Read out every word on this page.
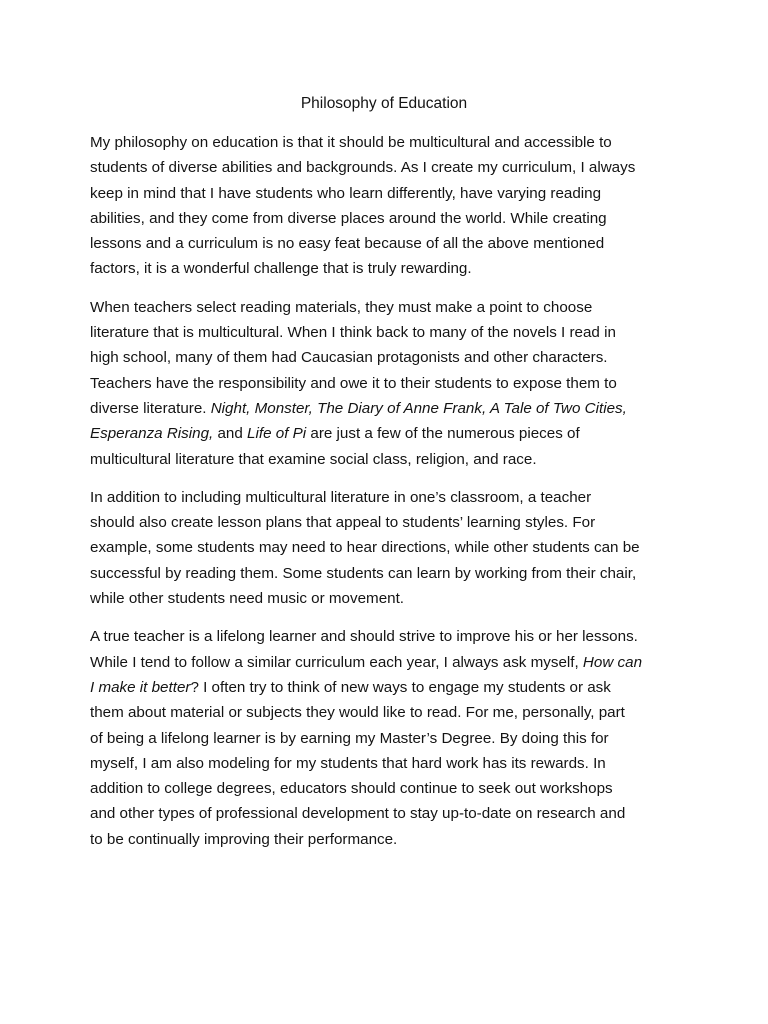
Philosophy of Education

My philosophy on education is that it should be multicultural and accessible to
students of diverse abilities and backgrounds. As I create my curriculum, I always
keep in mind that I have students who learn differently, have varying reading
abilities, and they come from diverse places around the world. While creating
lessons and a curriculum is no easy feat because of all the above mentioned
factors, it is a wonderful challenge that is truly rewarding.

When teachers select reading materials, they must make a point to choose
literature that is multicultural. When I think back to many of the novels I read in
high school, many of them had Caucasian protagonists and other characters.
Teachers have the responsibility and owe it to their students to expose them to
diverse literature. Night, Monster, The Diary of Anne Frank, A Tale of Two Cities,
Esperanza Rising, and Life of Pi are just a few of the numerous pieces of
multicultural literature that examine social class, religion, and race.

In addition to including multicultural literature in one’s classroom, a teacher
should also create lesson plans that appeal to students’ learning styles. For
example, some students may need to hear directions, while other students can be
successful by reading them. Some students can learn by working from their chair,
while other students need music or movement.

A true teacher is a lifelong learner and should strive to improve his or her lessons.
While I tend to follow a similar curriculum each year, I always ask myself, How can
I make it better? I often try to think of new ways to engage my students or ask
them about material or subjects they would like to read. For me, personally, part
of being a lifelong learner is by earning my Master’s Degree. By doing this for
myself, I am also modeling for my students that hard work has its rewards. In
addition to college degrees, educators should continue to seek out workshops
and other types of professional development to stay up-to-date on research and
to be continually improving their performance.
